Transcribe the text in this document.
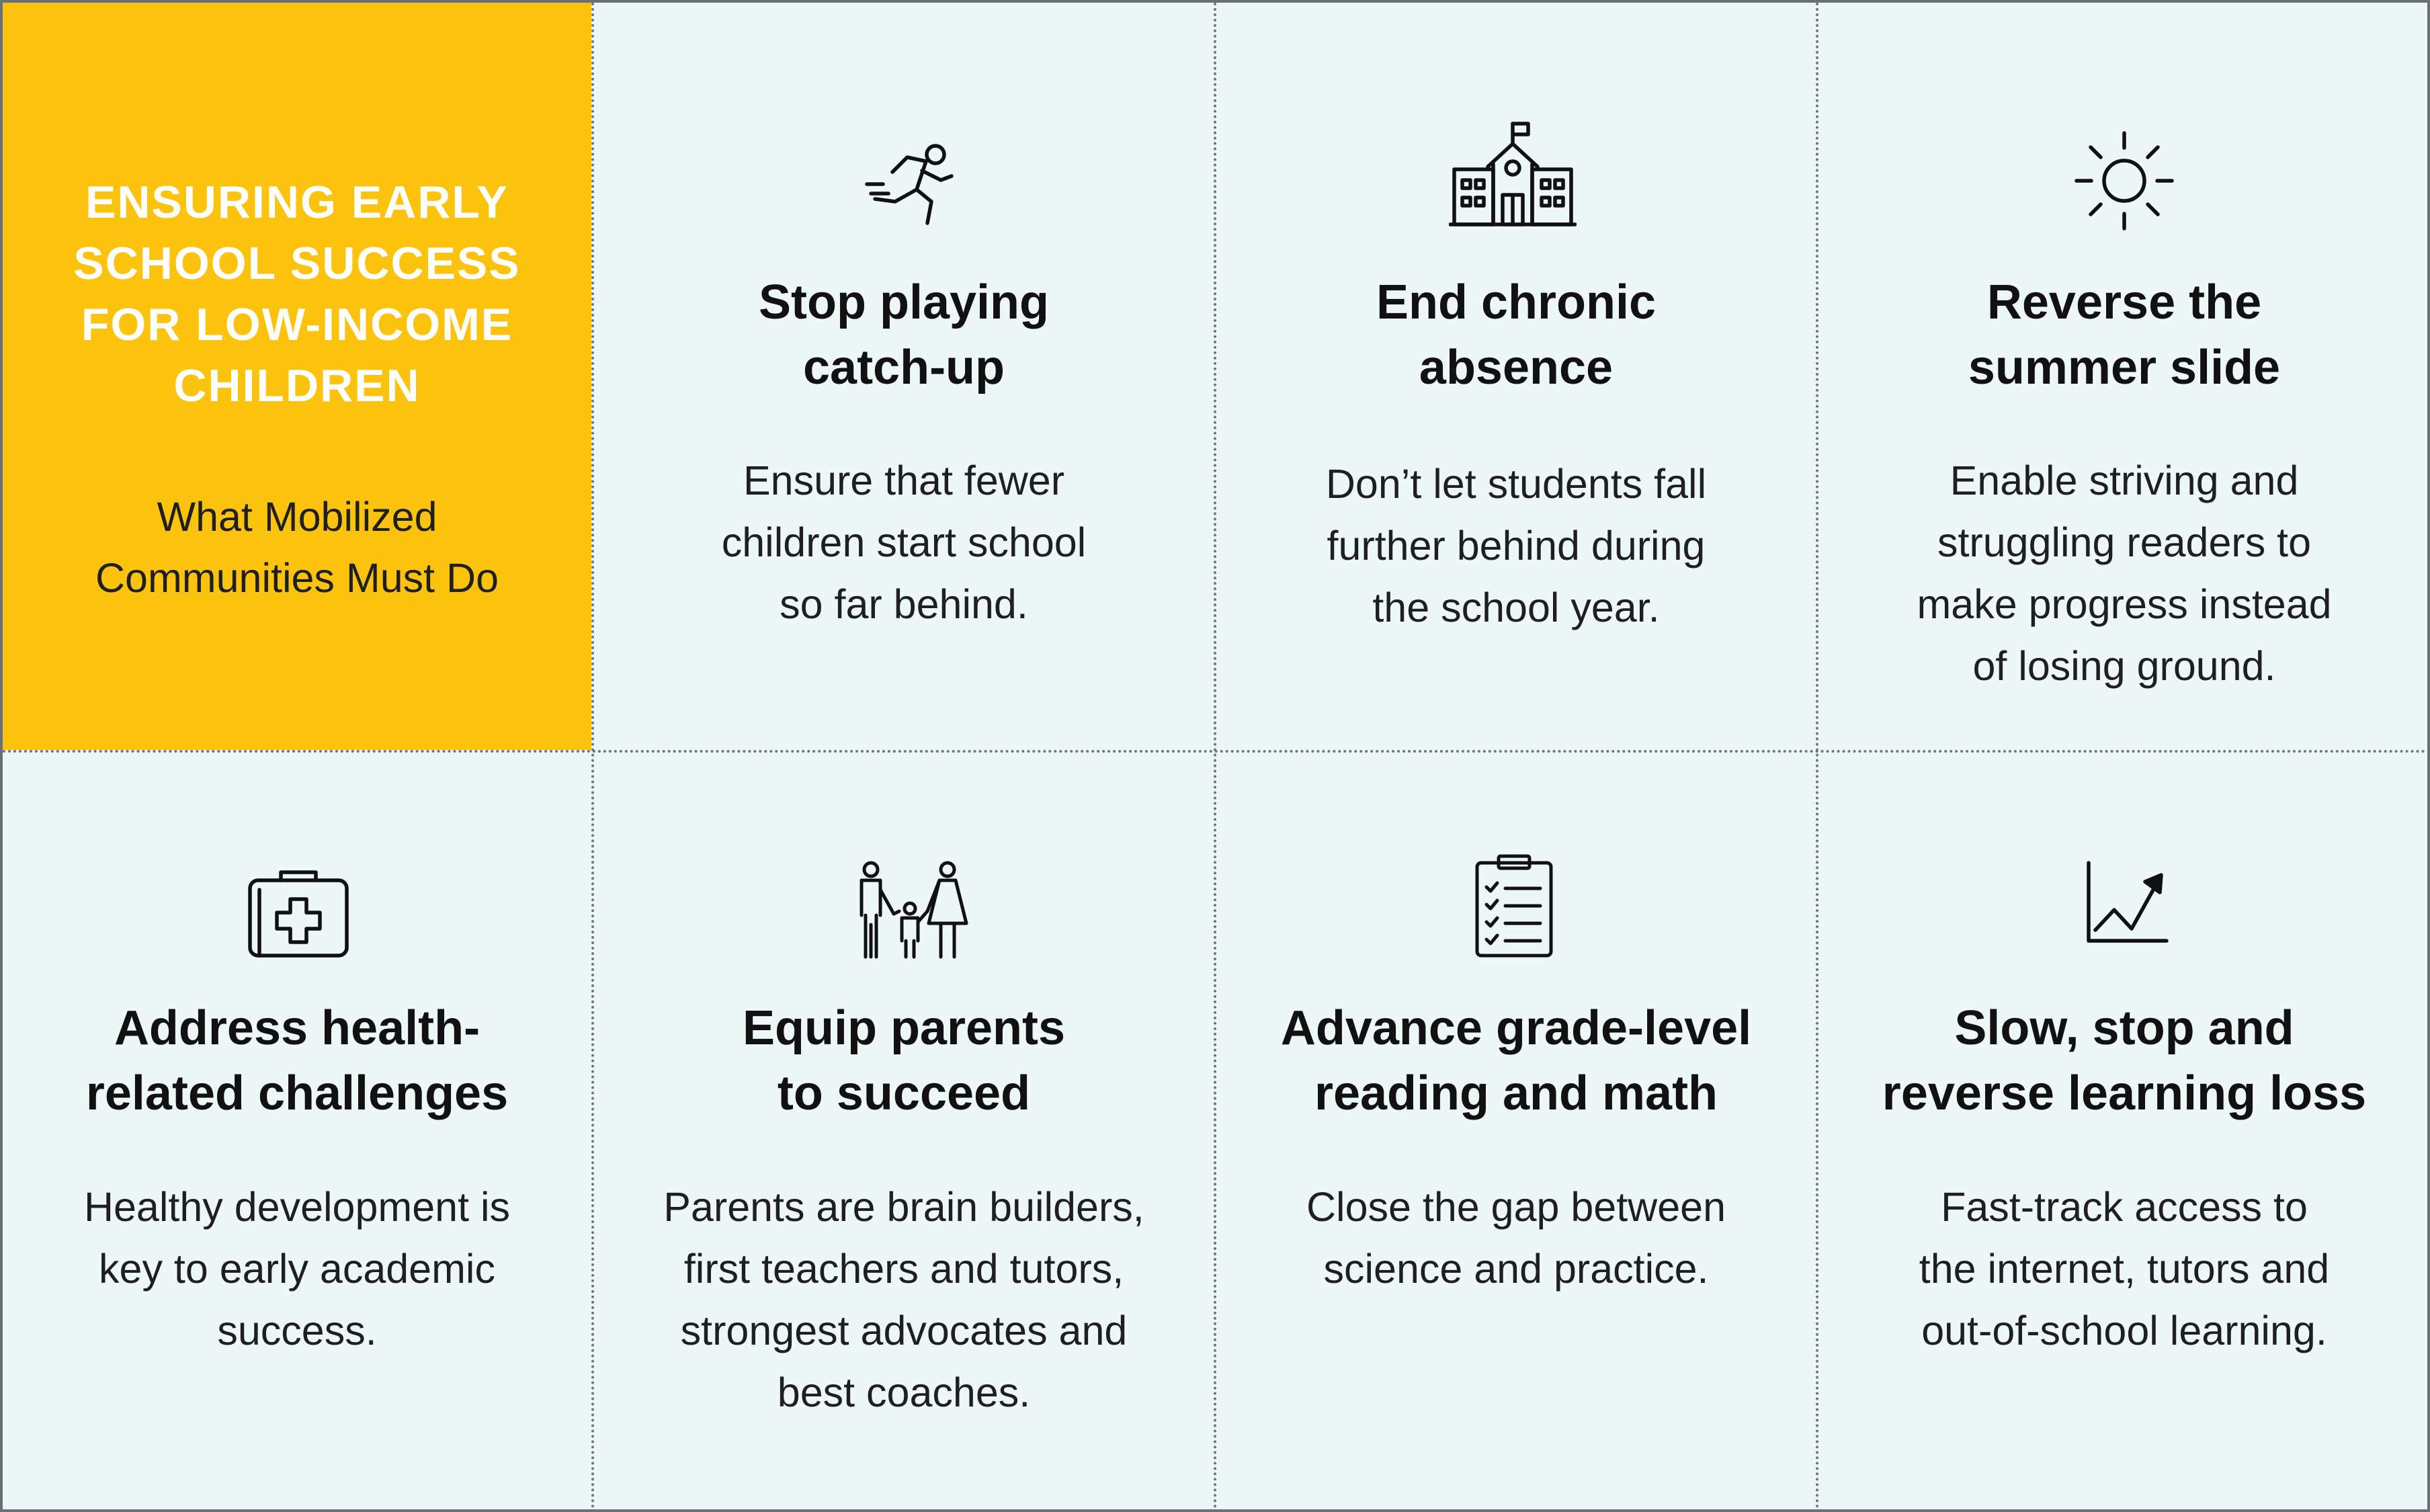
ENSURING EARLY
SCHOOL SUCCESS
FOR LOW-INCOME
CHILDREN
What Mobilized
Communities Must Do
Stop playing
catch-up
Ensure that fewer
children start school
so far behind.
End chronic
absence
Don’t let students fall
further behind during
the school year.
Reverse the
summer slide
Enable striving and
struggling readers to
make progress instead
of losing ground.
Address health-
related challenges
Healthy development is
key to early academic
success.
Equip parents
to succeed
Parents are brain builders,
first teachers and tutors,
strongest advocates and
best coaches.
Advance grade-level
reading and math
Close the gap between
science and practice.
Slow, stop and
reverse learning loss
Fast-track access to
the internet, tutors and
out-of-school learning.
